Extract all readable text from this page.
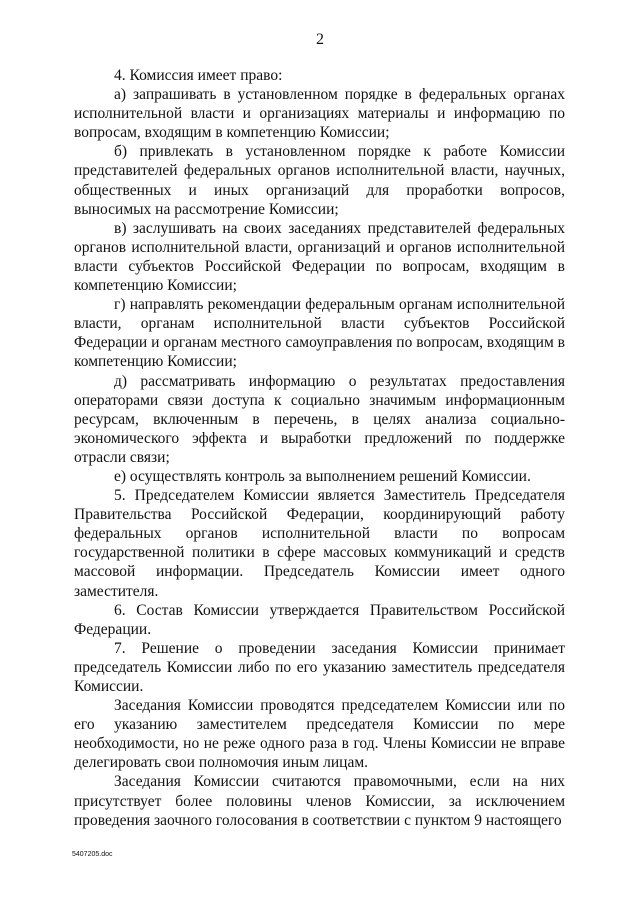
2

4. Комиссия имеет право:

а) запрашивать в установленном порядке в федеральных органах исполнительной власти и организациях материалы и информацию по вопросам, входящим в компетенцию Комиссии;

б) привлекать в установленном порядке к работе Комиссии представителей федеральных органов исполнительной власти, научных, общественных и иных организаций для проработки вопросов, выносимых на рассмотрение Комиссии;

в) заслушивать на своих заседаниях представителей федеральных органов исполнительной власти, организаций и органов исполнительной власти субъектов Российской Федерации по вопросам, входящим в компетенцию Комиссии;

г) направлять рекомендации федеральным органам исполнительной власти, органам исполнительной власти субъектов Российской Федерации и органам местного самоуправления по вопросам, входящим в компетенцию Комиссии;

д) рассматривать информацию о результатах предоставления операторами связи доступа к социально значимым информационным ресурсам, включенным в перечень, в целях анализа социально-экономического эффекта и выработки предложений по поддержке отрасли связи;

е) осуществлять контроль за выполнением решений Комиссии.

5. Председателем Комиссии является Заместитель Председателя Правительства Российской Федерации, координирующий работу федеральных органов исполнительной власти по вопросам государственной политики в сфере массовых коммуникаций и средств массовой информации. Председатель Комиссии имеет одного заместителя.

6. Состав Комиссии утверждается Правительством Российской Федерации.

7. Решение о проведении заседания Комиссии принимает председатель Комиссии либо по его указанию заместитель председателя Комиссии.

Заседания Комиссии проводятся председателем Комиссии или по его указанию заместителем председателя Комиссии по мере необходимости, но не реже одного раза в год. Члены Комиссии не вправе делегировать свои полномочия иным лицам.

Заседания Комиссии считаются правомочными, если на них присутствует более половины членов Комиссии, за исключением проведения заочного голосования в соответствии с пунктом 9 настоящего

5407205.doc
